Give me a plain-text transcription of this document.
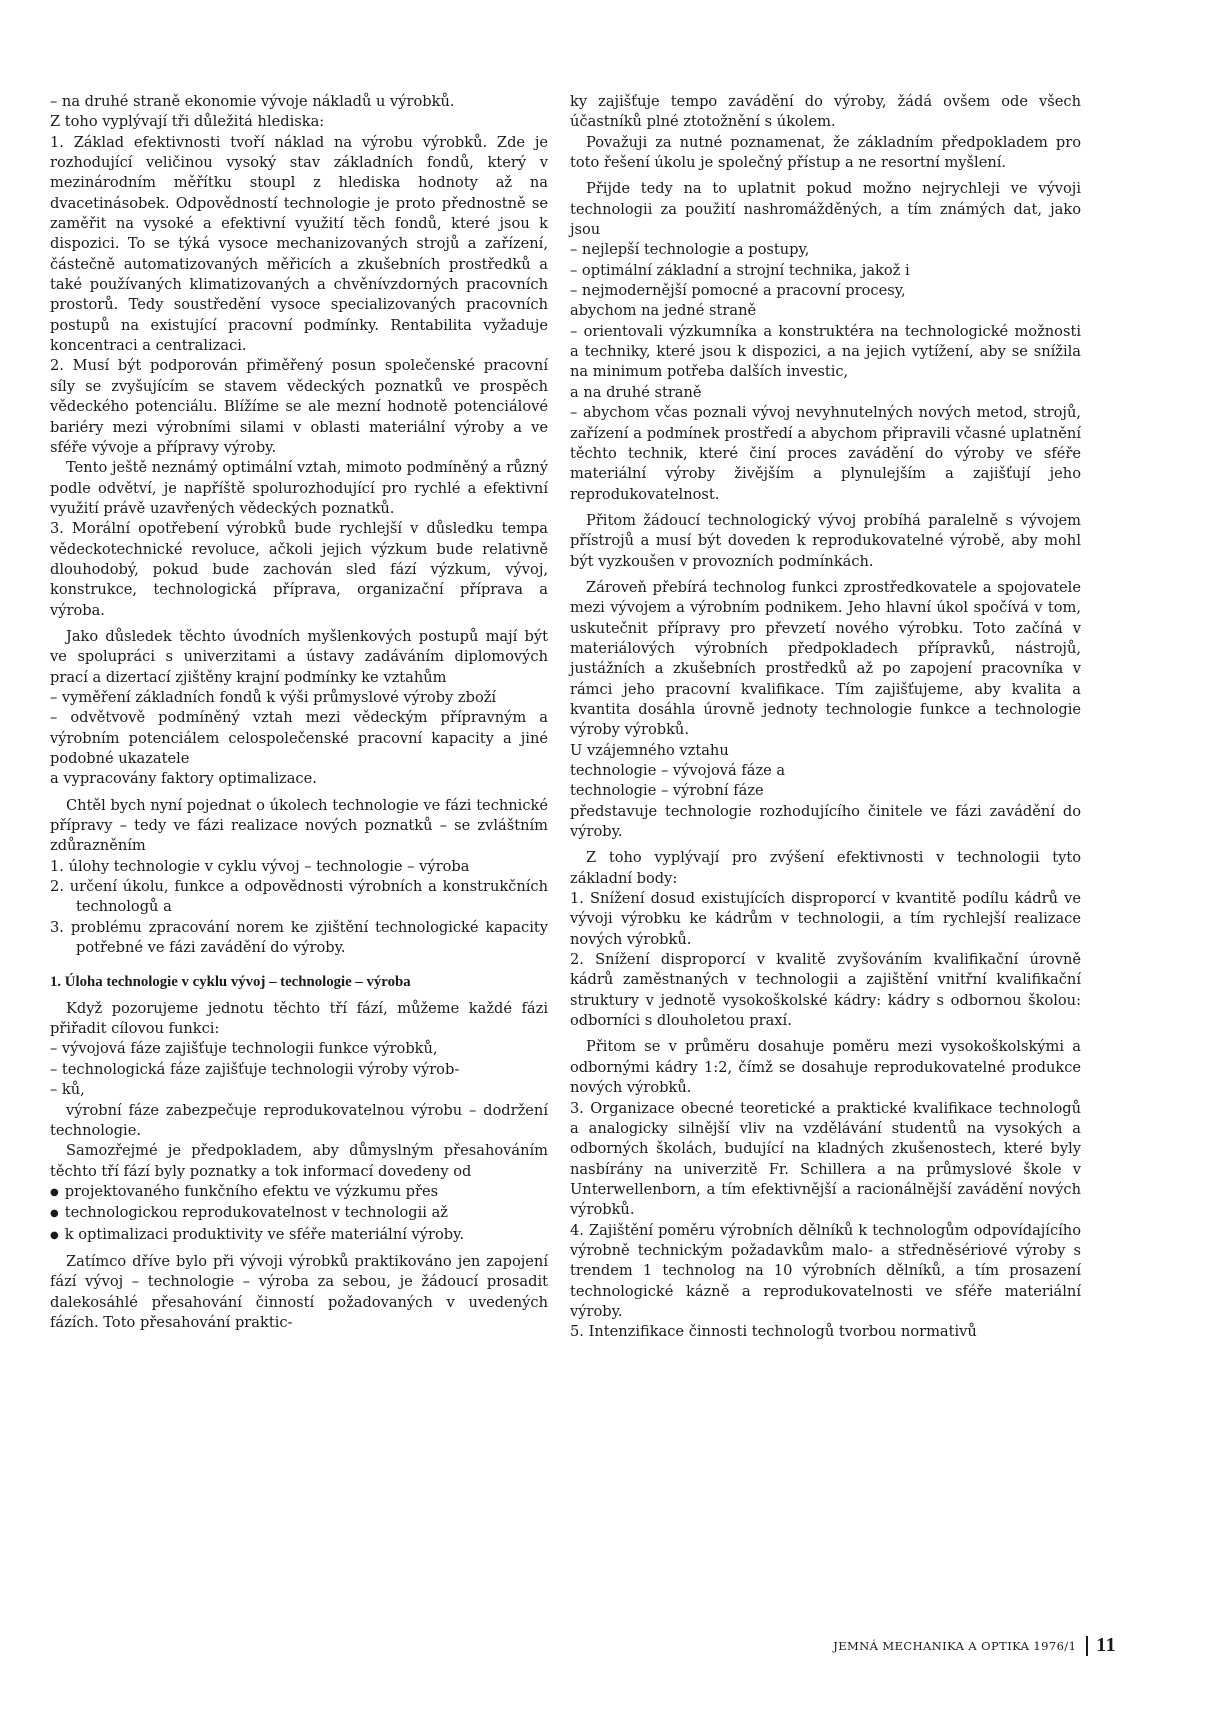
– na druhé straně ekonomie vývoje nákladů u výrobků.

Z toho vyplývají tři důležitá hlediska:

1. Základ efektivnosti tvoří náklad na výrobu výrobků. Zde je rozhodující veličinou vysoký stav základních fondů, který v mezinárodním měřítku stoupl z hlediska hodnoty až na dvacetinásobek. Odpovědností technologie je proto přednostně se zaměřit na vysoké a efektivní využití těch fondů, které jsou k dispozici. To se týká vysoce mechanizovaných strojů a zařízení, částečně automatizovaných měřicích a zkušebních prostředků a také používaných klimatizovaných a chvěnívzdorných pracovních prostorů. Tedy soustředění vysoce specializovaných pracovních postupů na existující pracovní podmínky. Rentabilita vyžaduje koncentraci a centralizaci.

2. Musí být podporován přiměřený posun společenské pracovní síly se zvyšujícím se stavem vědeckých poznatků ve prospěch vědeckého potenciálu. Blížíme se ale mezní hodnotě potenciálové bariéry mezi výrobními silami v oblasti materiální výroby a ve sféře vývoje a přípravy výroby.

Tento ještě neznámý optimální vztah, mimoto podmíněný a různý podle odvětví, je napříště spolurozhodující pro rychlé a efektivní využití právě uzavřených vědeckých poznatků.

3. Morální opotřebení výrobků bude rychlejší v důsledku tempa vědeckotechnické revoluce, ačkoli jejich výzkum bude relativně dlouhodobý, pokud bude zachován sled fází výzkum, vývoj, konstrukce, technologická příprava, organizační příprava a výroba.

Jako důsledek těchto úvodních myšlenkových postupů mají být ve spolupráci s univerzitami a ústavy zadáváním diplomových prací a dizertací zjištěny krajní podmínky ke vztahům

– vyměření základních fondů k výši průmyslové výroby zboží

– odvětvově podmíněný vztah mezi vědeckým přípravným a výrobním potenciálem celospolečenské pracovní kapacity a jiné podobné ukazatele

a vypracovány faktory optimalizace.

Chtěl bych nyní pojednat o úkolech technologie ve fázi technické přípravy – tedy ve fázi realizace nových poznatků – se zvláštním zdůrazněním

1. úlohy technologie v cyklu vývoj – technologie – výroba

2. určení úkolu, funkce a odpovědnosti výrobních a konstrukčních technologů a

3. problému zpracování norem ke zjištění technologické kapacity potřebné ve fázi zavádění do výroby.

1. Úloha technologie v cyklu vývoj – technologie – výroba

Když pozorujeme jednotu těchto tří fází, můžeme každé fázi přiřadit cílovou funkci:

– vývojová fáze zajišťuje technologii funkce výrobků,

– technologická fáze zajišťuje technologii výroby výrob-

– ků,

výrobní fáze zabezpečuje reprodukovatelnou výrobu – dodržení technologie.

Samozřejmé je předpokladem, aby důmyslným přesahováním těchto tří fází byly poznatky a tok informací dovedeny od

● projektovaného funkčního efektu ve výzkumu přes

● technologickou reprodukovatelnost v technologii až

● k optimalizaci produktivity ve sféře materiální výroby.

Zatímco dříve bylo při vývoji výrobků praktikováno jen zapojení fází vývoj – technologie – výroba za sebou, je žádoucí prosadit dalekosáhlé přesahování činností požadovaných v uvedených fázích. Toto přesahování praktic-

ky zajišťuje tempo zavádění do výroby, žádá ovšem ode všech účastníků plné ztotožnění s úkolem.

Považuji za nutné poznamenat, že základním předpokladem pro toto řešení úkolu je společný přístup a ne resortní myšlení.

Přijde tedy na to uplatnit pokud možno nejrychleji ve vývoji technologii za použití nashromážděných, a tím známých dat, jako jsou

– nejlepší technologie a postupy,

– optimální základní a strojní technika, jakož i

– nejmodernější pomocné a pracovní procesy,

abychom na jedné straně

– orientovali výzkumníka a konstruktéra na technologické možnosti a techniky, které jsou k dispozici, a na jejich vytížení, aby se snížila na minimum potřeba dalších investic,

a na druhé straně

– abychom včas poznali vývoj nevyhnutelných nových metod, strojů, zařízení a podmínek prostředí a abychom připravili včasné uplatnění těchto technik, které činí proces zavádění do výroby ve sféře materiální výroby živějším a plynulejším a zajišťují jeho reprodukovatelnost.

Přitom žádoucí technologický vývoj probíhá paralelně s vývojem přístrojů a musí být doveden k reprodukovatelné výrobě, aby mohl být vyzkoušen v provozních podmínkách.

Zároveň přebírá technolog funkci zprostředkovatele a spojovatele mezi vývojem a výrobním podnikem. Jeho hlavní úkol spočívá v tom, uskutečnit přípravy pro převzetí nového výrobku. Toto začíná v materiálových výrobních předpokladech přípravků, nástrojů, justážních a zkušebních prostředků až po zapojení pracovníka v rámci jeho pracovní kvalifikace. Tím zajišťujeme, aby kvalita a kvantita dosáhla úrovně jednoty technologie funkce a technologie výroby výrobků.

U vzájemného vztahu

technologie – vývojová fáze a

technologie – výrobní fáze

představuje technologie rozhodujícího činitele ve fázi zavádění do výroby.

Z toho vyplývají pro zvýšení efektivnosti v technologii tyto základní body:

1. Snížení dosud existujících disproporcí v kvantitě podílu kádrů ve vývoji výrobku ke kádrům v technologii, a tím rychlejší realizace nových výrobků.

2. Snížení disproporcí v kvalitě zvyšováním kvalifikační úrovně kádrů zaměstnaných v technologii a zajištění vnitřní kvalifikační struktury v jednotě vysokoškolské kádry: kádry s odbornou školou: odborníci s dlouholetou praxí.

Přitom se v průměru dosahuje poměru mezi vysokoškolskými a odbornými kádry 1:2, čímž se dosahuje reprodukovatelné produkce nových výrobků.

3. Organizace obecné teoretické a praktické kvalifikace technologů a analogicky silnější vliv na vzdělávání studentů na vysokých a odborných školách, budující na kladných zkušenostech, které byly nasbírány na univerzitě Fr. Schillera a na průmyslové škole v Unterwellenborn, a tím efektivnější a racionálnější zavádění nových výrobků.

4. Zajištění poměru výrobních dělníků k technologům odpovídajícího výrobně technickým požadavkům malo- a středněsériové výroby s trendem 1 technolog na 10 výrobních dělníků, a tím prosazení technologické kázně a reprodukovatelnosti ve sféře materiální výroby.

5. Intenzifikace činnosti technologů tvorbou normativů

JEMNÁ MECHANIKA A OPTIKA 1976/1 11
